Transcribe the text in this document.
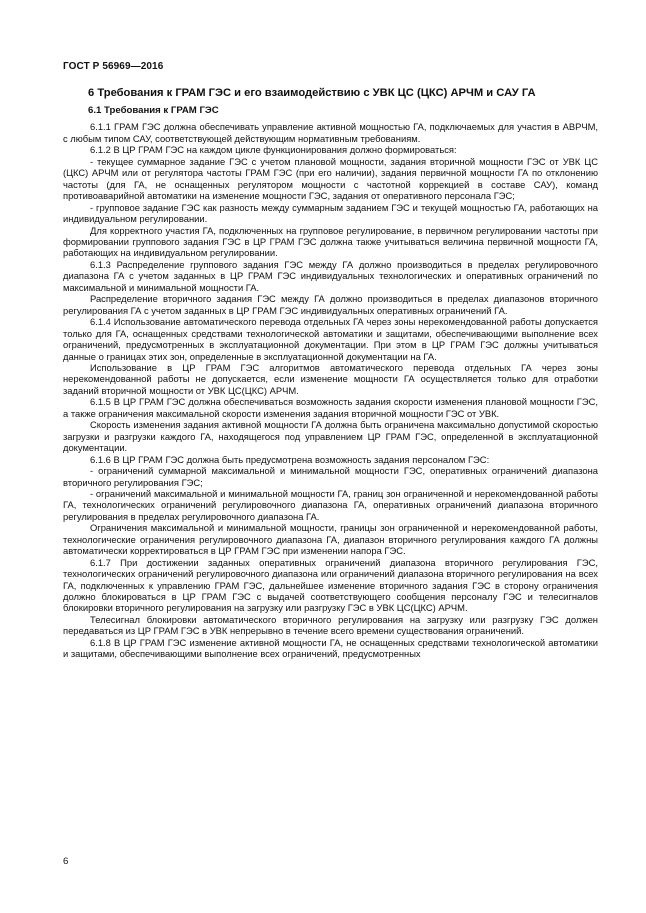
ГОСТ Р 56969—2016
6 Требования к ГРАМ ГЭС и его взаимодействию с УВК ЦС (ЦКС) АРЧМ и САУ ГА
6.1 Требования к ГРАМ ГЭС

6.1.1 ГРАМ ГЭС должна обеспечивать управление активной мощностью ГА, подключаемых для участия в АВРЧМ, с любым типом САУ, соответствующей действующим нормативным требованиям.

6.1.2 В ЦР ГРАМ ГЭС на каждом цикле функционирования должно формироваться:

- текущее суммарное задание ГЭС с учетом плановой мощности, задания вторичной мощности ГЭС от УВК ЦС (ЦКС) АРЧМ или от регулятора частоты ГРАМ ГЭС (при его наличии), задания первичной мощности ГА по отклонению частоты (для ГА, не оснащенных регулятором мощности с частотной коррекцией в составе САУ), команд противоаварийной автоматики на изменение мощности ГЭС, задания от оперативного персонала ГЭС;

- групповое задание ГЭС как разность между суммарным заданием ГЭС и текущей мощностью ГА, работающих на индивидуальном регулировании.

Для корректного участия ГА, подключенных на групповое регулирование, в первичном регулировании частоты при формировании группового задания ГЭС в ЦР ГРАМ ГЭС должна также учитываться величина первичной мощности ГА, работающих на индивидуальном регулировании.

6.1.3 Распределение группового задания ГЭС между ГА должно производиться в пределах регулировочного диапазона ГА с учетом заданных в ЦР ГРАМ ГЭС индивидуальных технологических и оперативных ограничений по максимальной и минимальной мощности ГА.

Распределение вторичного задания ГЭС между ГА должно производиться в пределах диапазонов вторичного регулирования ГА с учетом заданных в ЦР ГРАМ ГЭС индивидуальных оперативных ограничений ГА.

6.1.4 Использование автоматического перевода отдельных ГА через зоны нерекомендованной работы допускается только для ГА, оснащенных средствами технологической автоматики и защитами, обеспечивающими выполнение всех ограничений, предусмотренных в эксплуатационной документации. При этом в ЦР ГРАМ ГЭС должны учитываться данные о границах этих зон, определенные в эксплуатационной документации на ГА.

Использование в ЦР ГРАМ ГЭС алгоритмов автоматического перевода отдельных ГА через зоны нерекомендованной работы не допускается, если изменение мощности ГА осуществляется только для отработки заданий вторичной мощности от УВК ЦС(ЦКС) АРЧМ.

6.1.5 В ЦР ГРАМ ГЭС должна обеспечиваться возможность задания скорости изменения плановой мощности ГЭС, а также ограничения максимальной скорости изменения задания вторичной мощности ГЭС от УВК.

Скорость изменения задания активной мощности ГА должна быть ограничена максимально допустимой скоростью загрузки и разгрузки каждого ГА, находящегося под управлением ЦР ГРАМ ГЭС, определенной в эксплуатационной документации.

6.1.6 В ЦР ГРАМ ГЭС должна быть предусмотрена возможность задания персоналом ГЭС:

- ограничений суммарной максимальной и минимальной мощности ГЭС, оперативных ограничений диапазона вторичного регулирования ГЭС;

- ограничений максимальной и минимальной мощности ГА, границ зон ограниченной и нерекомендованной работы ГА, технологических ограничений регулировочного диапазона ГА, оперативных ограничений диапазона вторичного регулирования в пределах регулировочного диапазона ГА.

Ограничения максимальной и минимальной мощности, границы зон ограниченной и нерекомендованной работы, технологические ограничения регулировочного диапазона ГА, диапазон вторичного регулирования каждого ГА должны автоматически корректироваться в ЦР ГРАМ ГЭС при изменении напора ГЭС.

6.1.7 При достижении заданных оперативных ограничений диапазона вторичного регулирования ГЭС, технологических ограничений регулировочного диапазона или ограничений диапазона вторичного регулирования на всех ГА, подключенных к управлению ГРАМ ГЭС, дальнейшее изменение вторичного задания ГЭС в сторону ограничения должно блокироваться в ЦР ГРАМ ГЭС с выдачей соответствующего сообщения персоналу ГЭС и телесигналов блокировки вторичного регулирования на загрузку или разгрузку ГЭС в УВК ЦС(ЦКС) АРЧМ.

Телесигнал блокировки автоматического вторичного регулирования на загрузку или разгрузку ГЭС должен передаваться из ЦР ГРАМ ГЭС в УВК непрерывно в течение всего времени существования ограничений.

6.1.8 В ЦР ГРАМ ГЭС изменение активной мощности ГА, не оснащенных средствами технологической автоматики и защитами, обеспечивающими выполнение всех ограничений, предусмотренных

6
